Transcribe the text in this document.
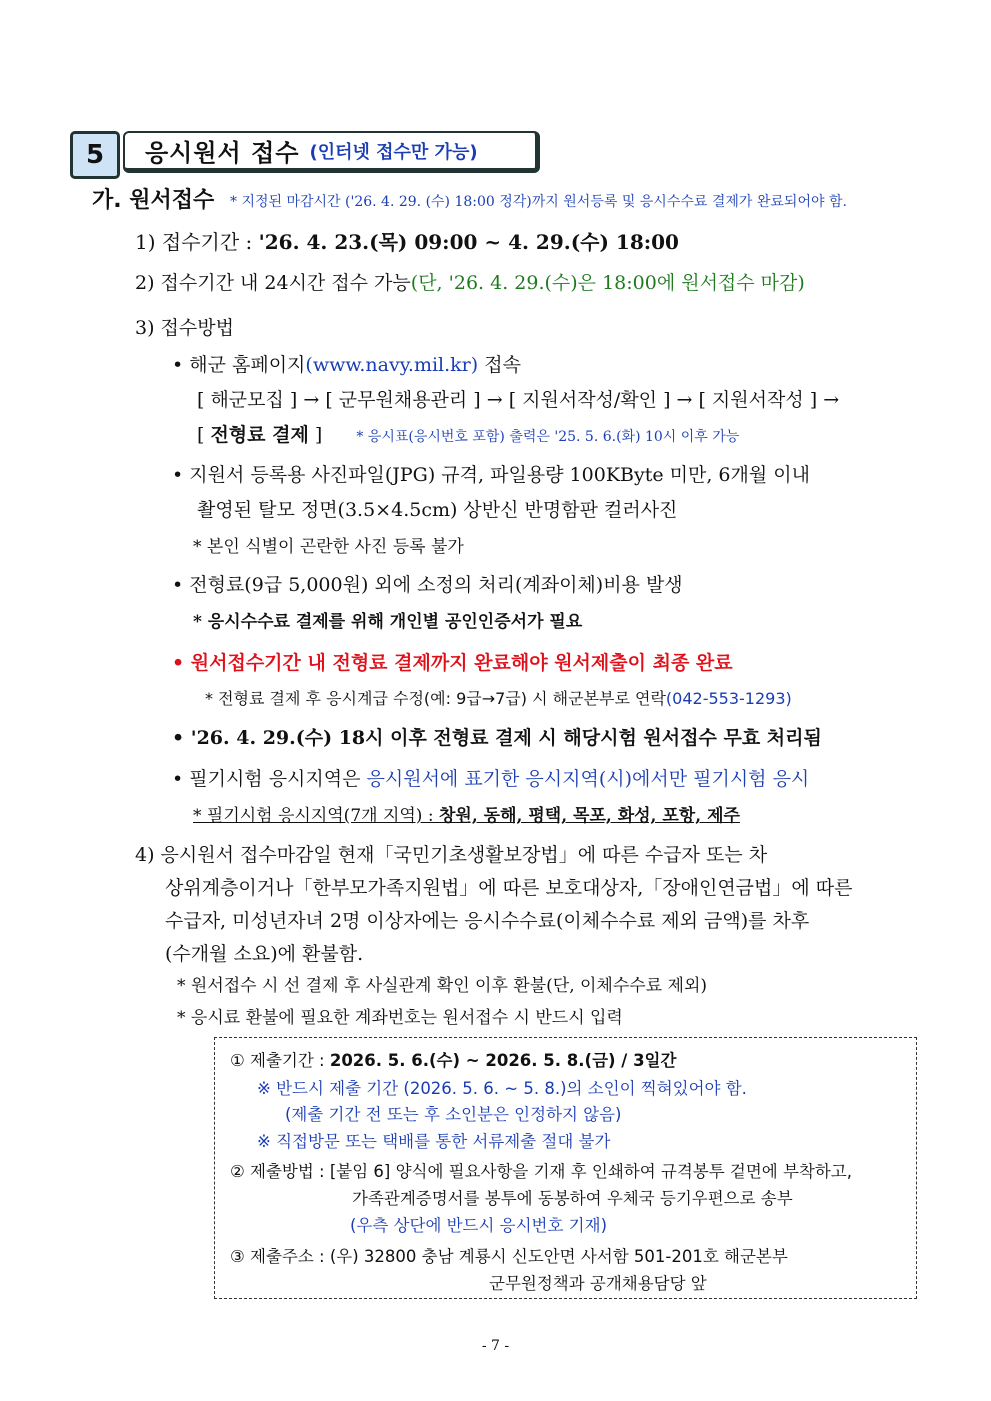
5 응시원서 접수 (인터넷 접수만 가능)
가. 원서접수 * 지정된 마감시간 ('26. 4. 29. (수) 18:00 정각)까지 원서등록 및 응시수수료 결제가 완료되어야 함.
1) 접수기간 : '26. 4. 23.(목) 09:00 ~ 4. 29.(수) 18:00
2) 접수기간 내 24시간 접수 가능(단, '26. 4. 29.(수)은 18:00에 원서접수 마감)
3) 접수방법
• 해군 홈페이지(www.navy.mil.kr) 접속
[ 해군모집 ] → [ 군무원채용관리 ] → [ 지원서작성/확인 ] → [ 지원서작성 ] →
[ 전형료 결제 ] * 응시표(응시번호 포함) 출력은 '25. 5. 6.(화) 10시 이후 가능
• 지원서 등록용 사진파일(JPG) 규격, 파일용량 100KByte 미만, 6개월 이내
촬영된 탈모 정면(3.5×4.5cm) 상반신 반명함판 컬러사진
* 본인 식별이 곤란한 사진 등록 불가
• 전형료(9급 5,000원) 외에 소정의 처리(계좌이체)비용 발생
* 응시수수료 결제를 위해 개인별 공인인증서가 필요
• 원서접수기간 내 전형료 결제까지 완료해야 원서제출이 최종 완료
* 전형료 결제 후 응시계급 수정(예: 9급→7급) 시 해군본부로 연락(042-553-1293)
• '26. 4. 29.(수) 18시 이후 전형료 결제 시 해당시험 원서접수 무효 처리됨
• 필기시험 응시지역은 응시원서에 표기한 응시지역(시)에서만 필기시험 응시
* 필기시험 응시지역(7개 지역) : 창원, 동해, 평택, 목포, 화성, 포항, 제주
4) 응시원서 접수마감일 현재「국민기초생활보장법」에 따른 수급자 또는 차
상위계층이거나「한부모가족지원법」에 따른 보호대상자,「장애인연금법」에 따른
수급자, 미성년자녀 2명 이상자에는 응시수수료(이체수수료 제외 금액)를 차후
(수개월 소요)에 환불함.
* 원서접수 시 선 결제 후 사실관계 확인 이후 환불(단, 이체수수료 제외)
* 응시료 환불에 필요한 계좌번호는 원서접수 시 반드시 입력
① 제출기간 : 2026. 5. 6.(수) ~ 2026. 5. 8.(금) / 3일간
※ 반드시 제출 기간 (2026. 5. 6. ~ 5. 8.)의 소인이 찍혀있어야 함.
(제출 기간 전 또는 후 소인분은 인정하지 않음)
※ 직접방문 또는 택배를 통한 서류제출 절대 불가
② 제출방법 : [붙임 6] 양식에 필요사항을 기재 후 인쇄하여 규격봉투 겉면에 부착하고,
가족관계증명서를 봉투에 동봉하여 우체국 등기우편으로 송부
(우측 상단에 반드시 응시번호 기재)
③ 제출주소 : (우) 32800 충남 계룡시 신도안면 사서함 501-201호 해군본부
군무원정책과 공개채용담당 앞
- 7 -
